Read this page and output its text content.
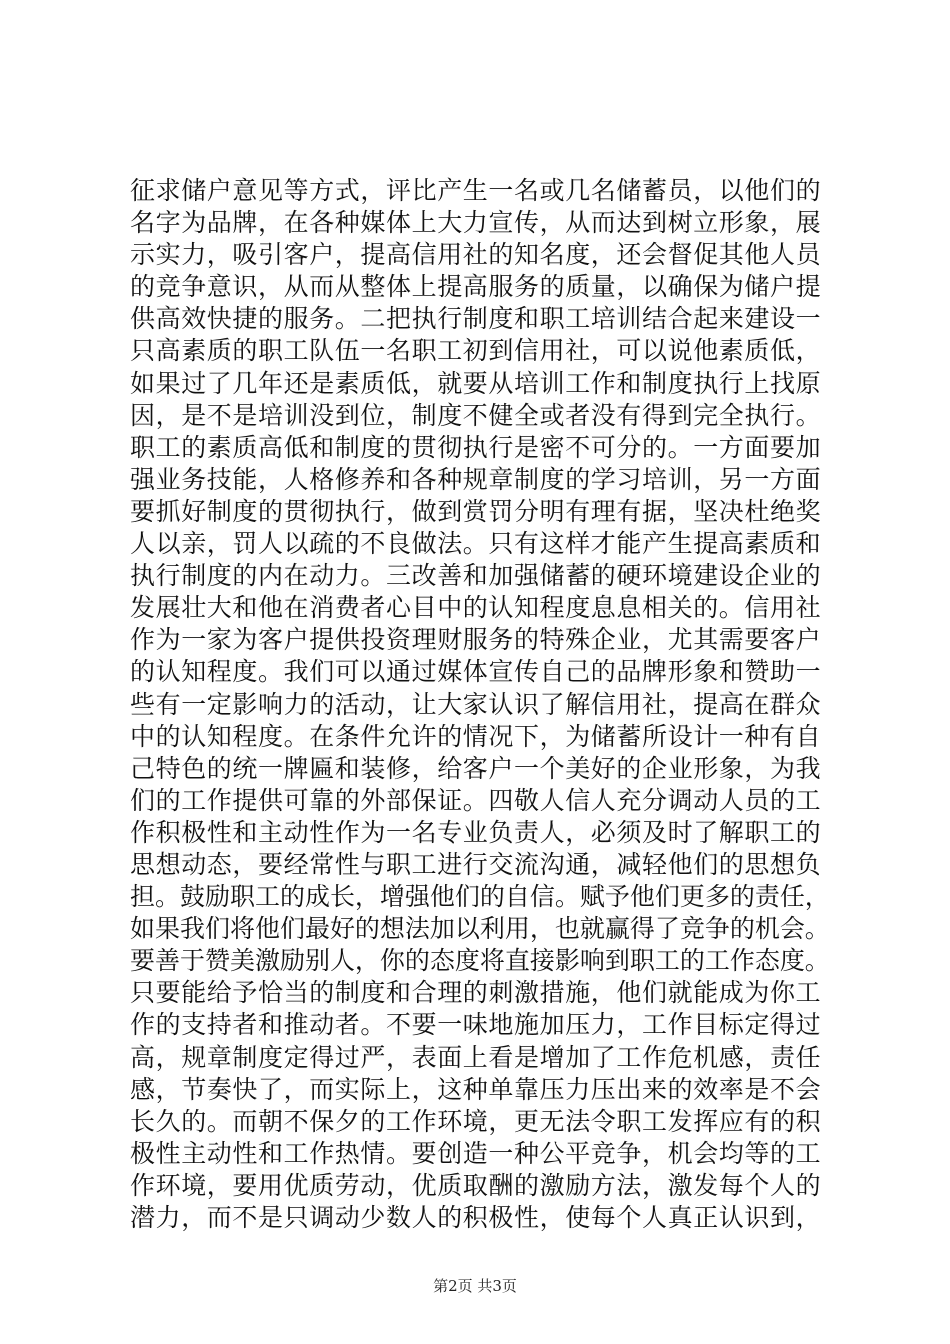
征求储户意见等方式，评比产生一名或几名储蓄员，以他们的
名字为品牌，在各种媒体上大力宣传，从而达到树立形象，展
示实力，吸引客户，提高信用社的知名度，还会督促其他人员
的竞争意识，从而从整体上提高服务的质量，以确保为储户提
供高效快捷的服务。二把执行制度和职工培训结合起来建设一
只高素质的职工队伍一名职工初到信用社，可以说他素质低，
如果过了几年还是素质低，就要从培训工作和制度执行上找原
因，是不是培训没到位，制度不健全或者没有得到完全执行。
职工的素质高低和制度的贯彻执行是密不可分的。一方面要加
强业务技能，人格修养和各种规章制度的学习培训，另一方面
要抓好制度的贯彻执行，做到赏罚分明有理有据，坚决杜绝奖
人以亲，罚人以疏的不良做法。只有这样才能产生提高素质和
执行制度的内在动力。三改善和加强储蓄的硬环境建设企业的
发展壮大和他在消费者心目中的认知程度息息相关的。信用社
作为一家为客户提供投资理财服务的特殊企业，尤其需要客户
的认知程度。我们可以通过媒体宣传自己的品牌形象和赞助一
些有一定影响力的活动，让大家认识了解信用社，提高在群众
中的认知程度。在条件允许的情况下，为储蓄所设计一种有自
己特色的统一牌匾和装修，给客户一个美好的企业形象，为我
们的工作提供可靠的外部保证。四敬人信人充分调动人员的工
作积极性和主动性作为一名专业负责人，必须及时了解职工的
思想动态，要经常性与职工进行交流沟通，减轻他们的思想负
担。鼓励职工的成长，增强他们的自信。赋予他们更多的责任，
如果我们将他们最好的想法加以利用，也就赢得了竞争的机会。
要善于赞美激励别人，你的态度将直接影响到职工的工作态度。
只要能给予恰当的制度和合理的刺激措施，他们就能成为你工
作的支持者和推动者。不要一味地施加压力，工作目标定得过
高，规章制度定得过严，表面上看是增加了工作危机感，责任
感，节奏快了，而实际上，这种单靠压力压出来的效率是不会
长久的。而朝不保夕的工作环境，更无法令职工发挥应有的积
极性主动性和工作热情。要创造一种公平竞争，机会均等的工
作环境，要用优质劳动，优质取酬的激励方法，激发每个人的
潜力，而不是只调动少数人的积极性，使每个人真正认识到，
第2页 共3页
